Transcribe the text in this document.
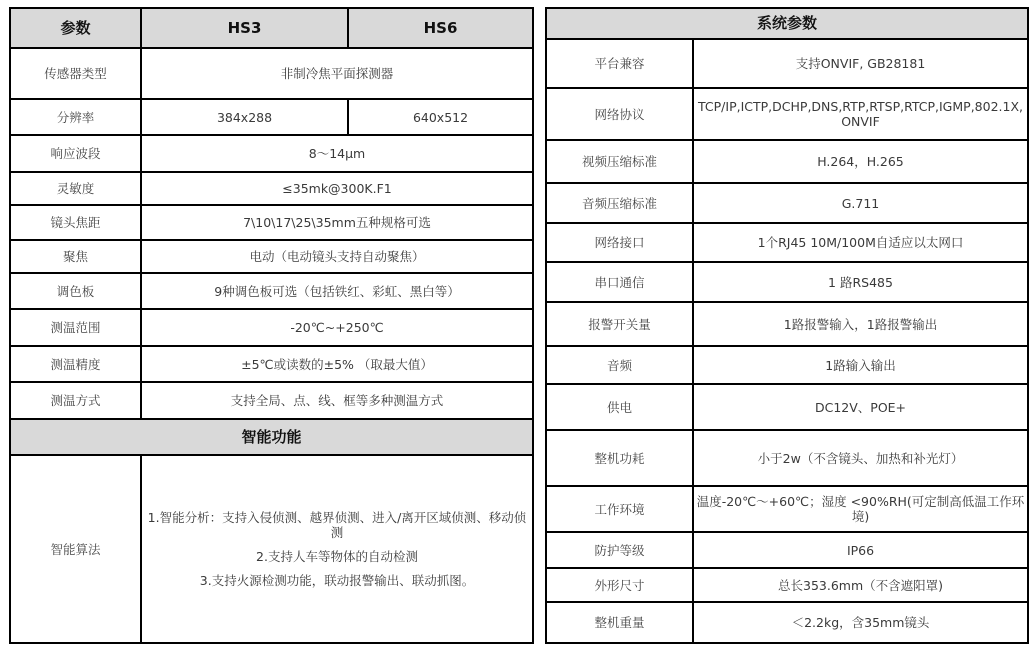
参数	HS3	HS6
传感器类型	非制冷焦平面探测器	
分辨率	384x288	640x512
响应波段	8～14μm	
灵敏度	≤35mk@300K.F1	
镜头焦距	7\10\17\25\35mm五种规格可选	
聚焦	电动（电动镜头支持自动聚焦）	
调色板	9种调色板可选（包括铁红、彩虹、黑白等）	
测温范围	-20℃~+250℃	
测温精度	±5℃或读数的±5% （取最大值）	
测温方式	支持全局、点、线、框等多种测温方式	
智能功能		
智能算法	1.智能分析：支持入侵侦测、越界侦测、进入/离开区域侦测、移动侦测
2.支持人车等物体的自动检测
3.支持火源检测功能，联动报警输出、联动抓图。	
系统参数	
平台兼容	支持ONVIF, GB28181
网络协议	TCP/IP,ICTP,DCHP,DNS,RTP,RTSP,RTCP,IGMP,802.1X,ONVIF
视频压缩标准	H.264，H.265
音频压缩标准	G.711
网络接口	1个RJ45 10M/100M自适应以太网口
串口通信	1 路RS485
报警开关量	1路报警输入，1路报警输出
音频	1路输入输出
供电	DC12V、POE+
整机功耗	小于2w（不含镜头、加热和补光灯）
工作环境	温度-20℃～+60℃；湿度 <90%RH(可定制高低温工作环境)
防护等级	IP66
外形尺寸	总长353.6mm（不含遮阳罩)
整机重量	＜2.2kg，含35mm镜头
